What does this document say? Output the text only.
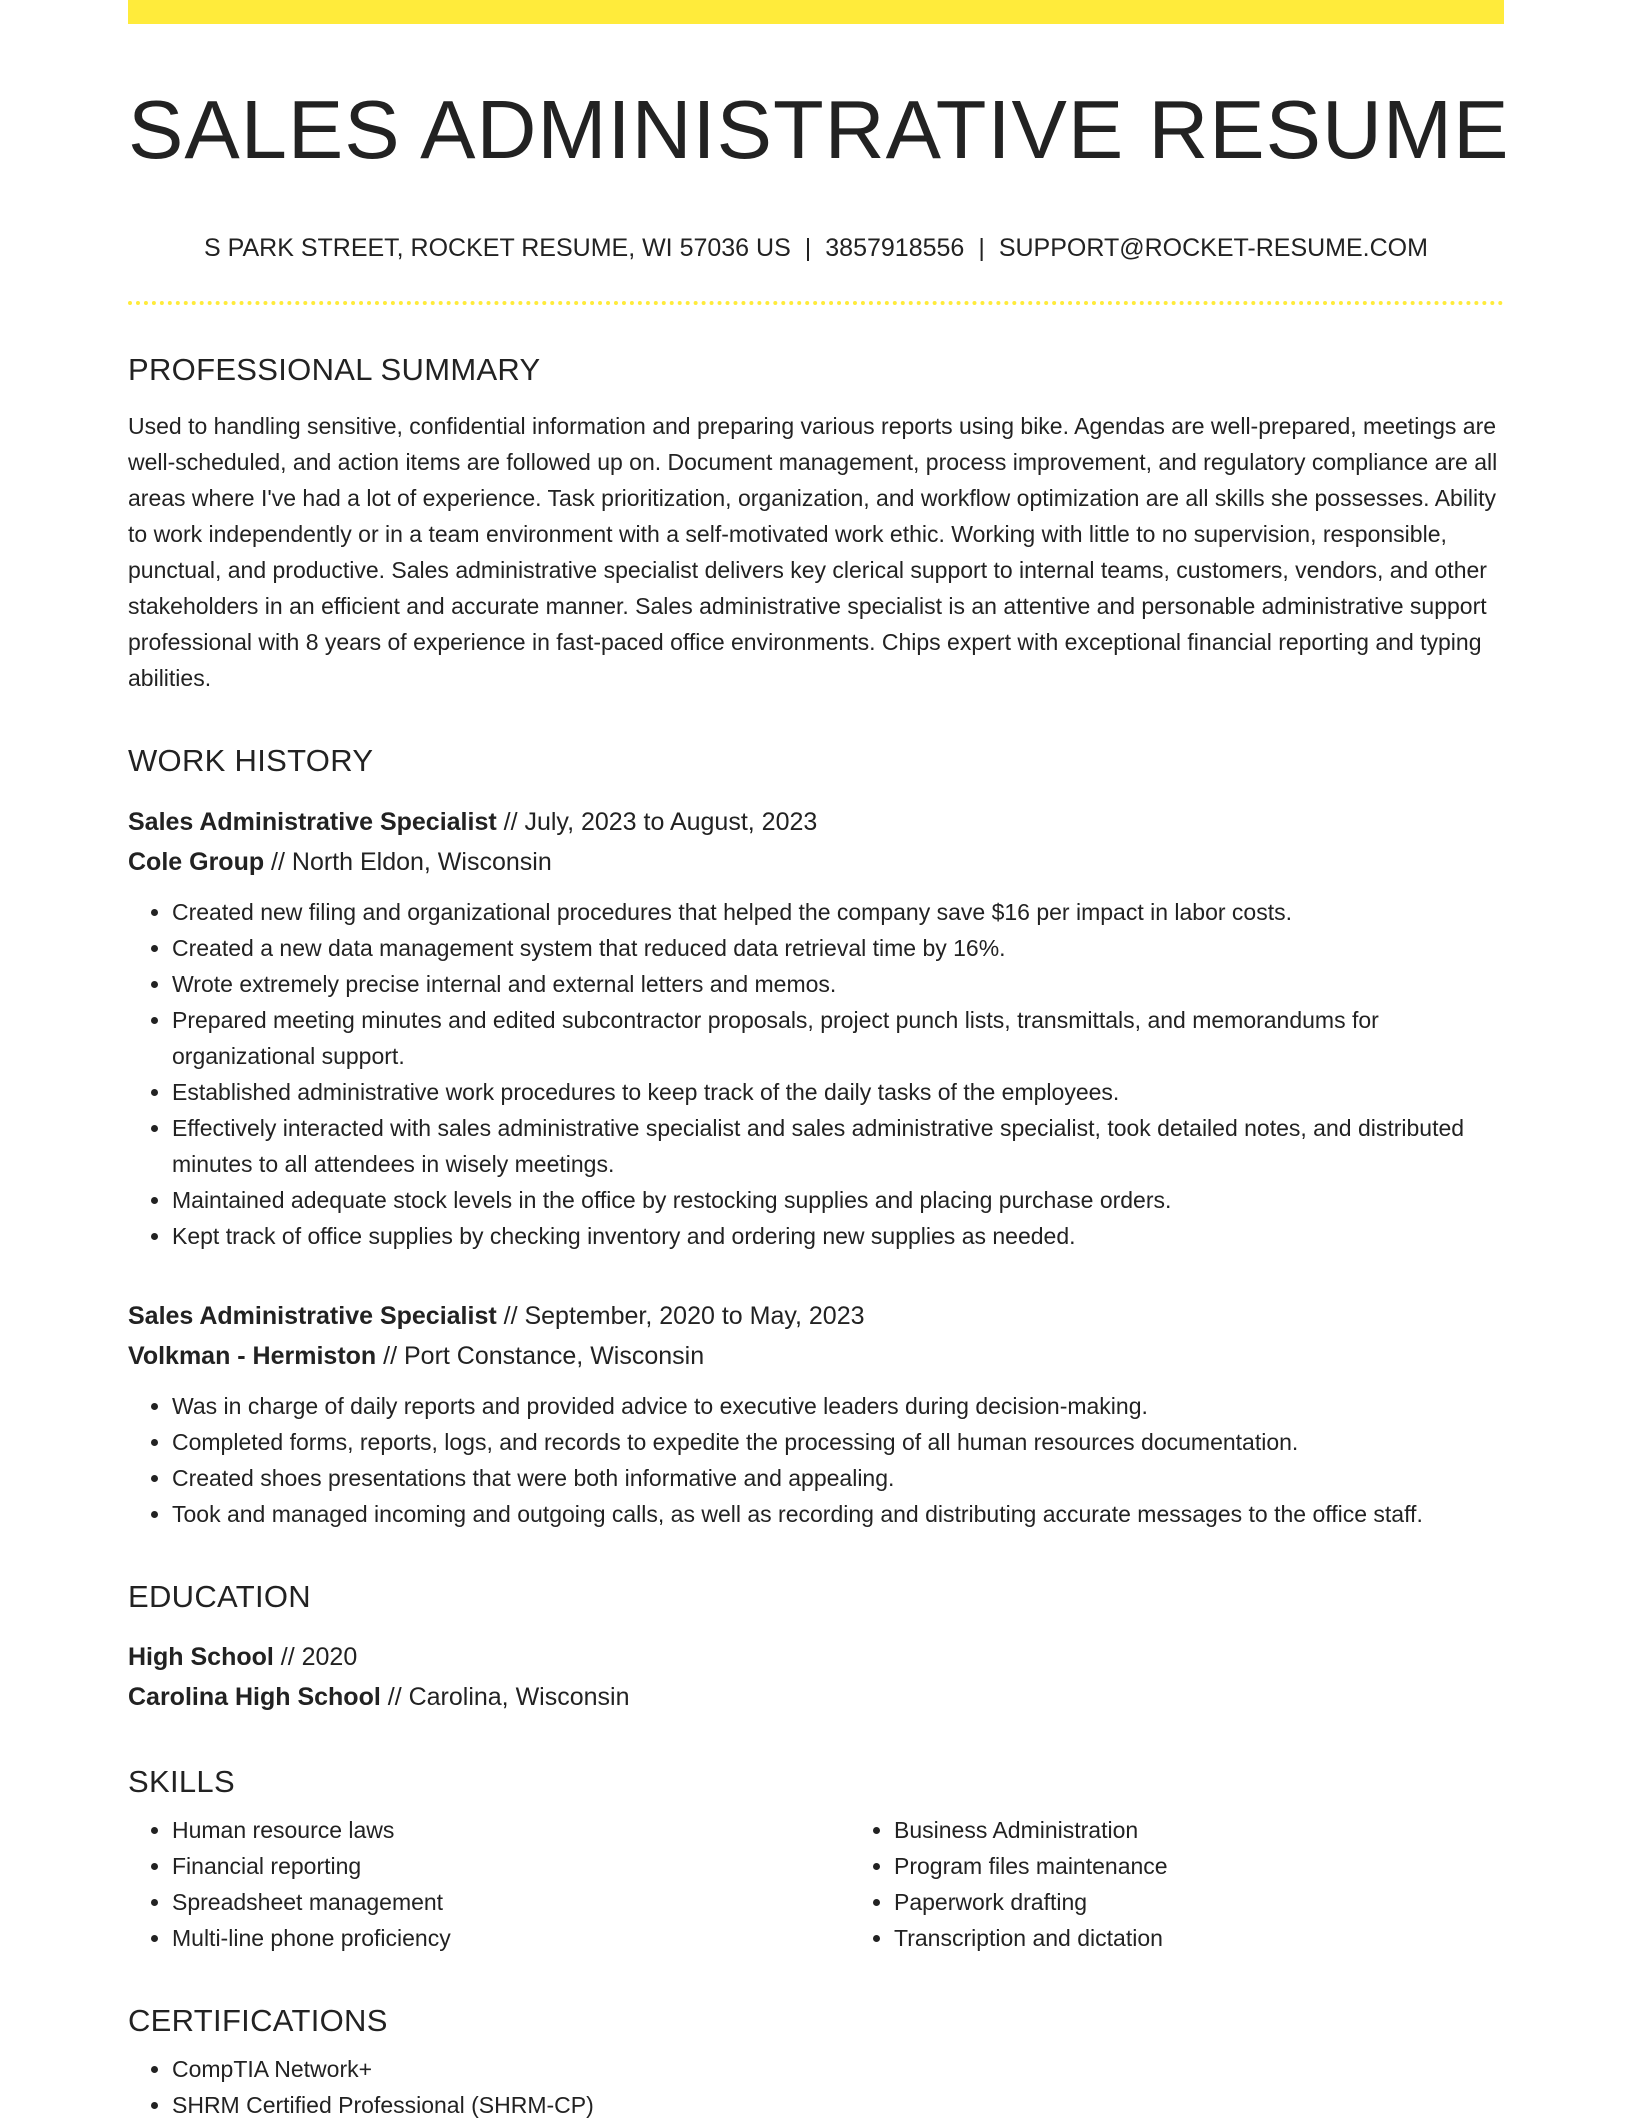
SALES ADMINISTRATIVE RESUME
S PARK STREET, ROCKET RESUME, WI 57036 US | 3857918556 | SUPPORT@ROCKET-RESUME.COM
PROFESSIONAL SUMMARY

Used to handling sensitive, confidential information and preparing various reports using bike. Agendas are well-prepared, meetings are well-scheduled, and action items are followed up on. Document management, process improvement, and regulatory compliance are all areas where I've had a lot of experience. Task prioritization, organization, and workflow optimization are all skills she possesses. Ability to work independently or in a team environment with a self-motivated work ethic. Working with little to no supervision, responsible, punctual, and productive. Sales administrative specialist delivers key clerical support to internal teams, customers, vendors, and other stakeholders in an efficient and accurate manner. Sales administrative specialist is an attentive and personable administrative support professional with 8 years of experience in fast-paced office environments. Chips expert with exceptional financial reporting and typing abilities.

WORK HISTORY
Sales Administrative Specialist // July, 2023 to August, 2023
Cole Group // North Eldon, Wisconsin
• Created new filing and organizational procedures that helped the company save $16 per impact in labor costs.
• Created a new data management system that reduced data retrieval time by 16%.
• Wrote extremely precise internal and external letters and memos.
• Prepared meeting minutes and edited subcontractor proposals, project punch lists, transmittals, and memorandums for organizational support.
• Established administrative work procedures to keep track of the daily tasks of the employees.
• Effectively interacted with sales administrative specialist and sales administrative specialist, took detailed notes, and distributed minutes to all attendees in wisely meetings.
• Maintained adequate stock levels in the office by restocking supplies and placing purchase orders.
• Kept track of office supplies by checking inventory and ordering new supplies as needed.
Sales Administrative Specialist // September, 2020 to May, 2023
Volkman - Hermiston // Port Constance, Wisconsin
• Was in charge of daily reports and provided advice to executive leaders during decision-making.
• Completed forms, reports, logs, and records to expedite the processing of all human resources documentation.
• Created shoes presentations that were both informative and appealing.
• Took and managed incoming and outgoing calls, as well as recording and distributing accurate messages to the office staff.
EDUCATION
High School // 2020
Carolina High School // Carolina, Wisconsin
SKILLS
• Human resource laws
• Financial reporting
• Spreadsheet management
• Multi-line phone proficiency
• Business Administration
• Program files maintenance
• Paperwork drafting
• Transcription and dictation
CERTIFICATIONS
• CompTIA Network+
• SHRM Certified Professional (SHRM-CP)
